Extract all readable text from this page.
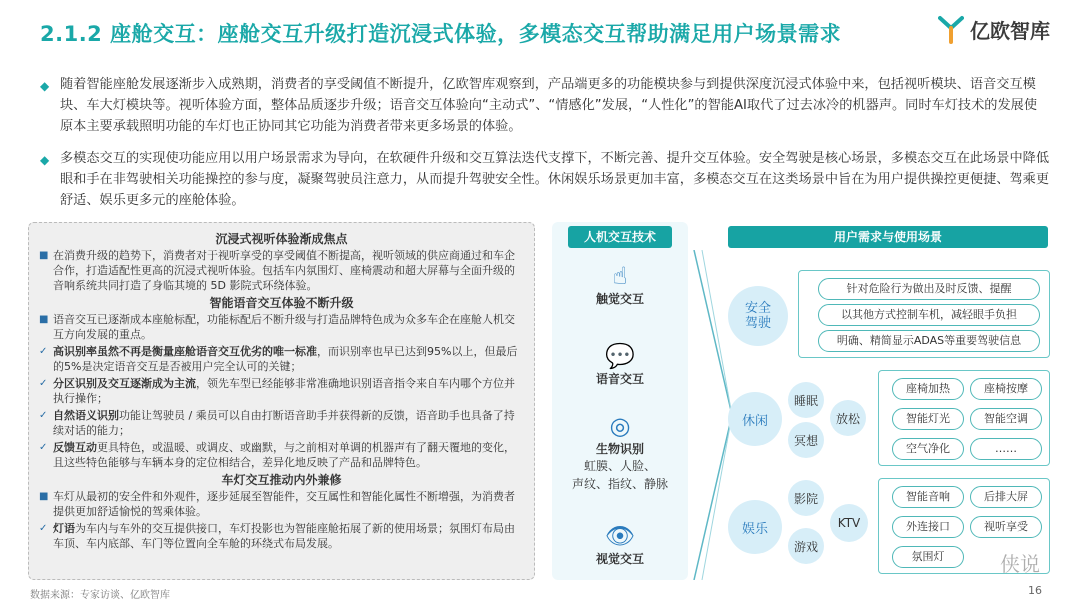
2.1.2 座舱交互：座舱交互升级打造沉浸式体验，多模态交互帮助满足用户场景需求	亿欧智库
◆ 随着智能座舱发展逐渐步入成熟期，消费者的享受阈值不断提升，亿欧智库观察到，产品端更多的功能模块参与到提供深度沉浸式体验中来，包括视听模块、语音交互模块、车大灯模块等。视听体验方面，整体品质逐步升级；语音交互体验向“主动式”、“情感化”发展，“人性化”的智能AI取代了过去冰冷的机器声。同时车灯技术的发展使原本主要承载照明功能的车灯也正协同其它功能为消费者带来更多场景的体验。

◆ 多模态交互的实现使功能应用以用户场景需求为导向，在软硬件升级和交互算法迭代支撑下，不断完善、提升交互体验。安全驾驶是核心场景，多模态交互在此场景中降低眼和手在非驾驶相关功能操控的参与度，凝聚驾驶员注意力，从而提升驾驶安全性。休闲娱乐场景更加丰富，多模态交互在这类场景中旨在为用户提供操控更便捷、驾乘更舒适、娱乐更多元的座舱体验。

沉浸式视听体验渐成焦点
■ 在消费升级的趋势下，消费者对于视听享受的享受阈值不断提高，视听领域的供应商通过和车企合作，打造适配性更高的沉浸式视听体验。包括车内氛围灯、座椅震动和超大屏幕与全面升级的音响系统共同打造了身临其境的 5D 影院式环绕体验。
智能语音交互体验不断升级
■ 语音交互已逐渐成本座舱标配，功能标配后不断升级与打造品牌特色成为众多车企在座舱人机交互方向发展的重点。
✓ 高识别率虽然不再是衡量座舱语音交互优劣的唯一标准，而识别率也早已达到95%以上，但最后的5%是决定语音交互是否被用户完全认可的关键；
✓ 分区识别及交互逐渐成为主流，领先车型已经能够非常准确地识别语音指令来自车内哪个方位并执行操作；
✓ 自然语义识别功能让驾驶员 / 乘员可以自由打断语音助手并获得新的反馈，语音助手也具备了持续对话的能力；
✓ 反馈互动更具特色，或温暖、或调皮、或幽默，与之前相对单调的机器声有了翻天覆地的变化，且这些特色能够与车辆本身的定位相结合，差异化地反映了产品和品牌特色。
车灯交互推动内外兼修
■ 车灯从最初的安全件和外观件，逐步延展至智能件，交互属性和智能化属性不断增强，为消费者提供更加舒适愉悦的驾乘体验。
✓ 灯语为车内与车外的交互提供接口，车灯投影也为智能座舱拓展了新的使用场景；氛围灯布局由车顶、车内底部、车门等位置向全车舱的环绕式布局发展。
人机交互技术
☝
触觉交互
💬
语音交互
◎
生物识别
虹膜、人脸、
声纹、指纹、静脉
👁
视觉交互
用户需求与使用场景
安全驾驶
针对危险行为做出及时反馈、提醒
以其他方式控制车机，减轻眼手负担
明确、精简显示ADAS等重要驾驶信息
休闲
睡眠
冥想
放松
座椅加热	座椅按摩
智能灯光	智能空调
空气净化	……
娱乐
影院
游戏
KTV
智能音响	后排大屏
外连接口	视听享受
氛围灯	侠说
数据来源：专家访谈、亿欧智库	16
